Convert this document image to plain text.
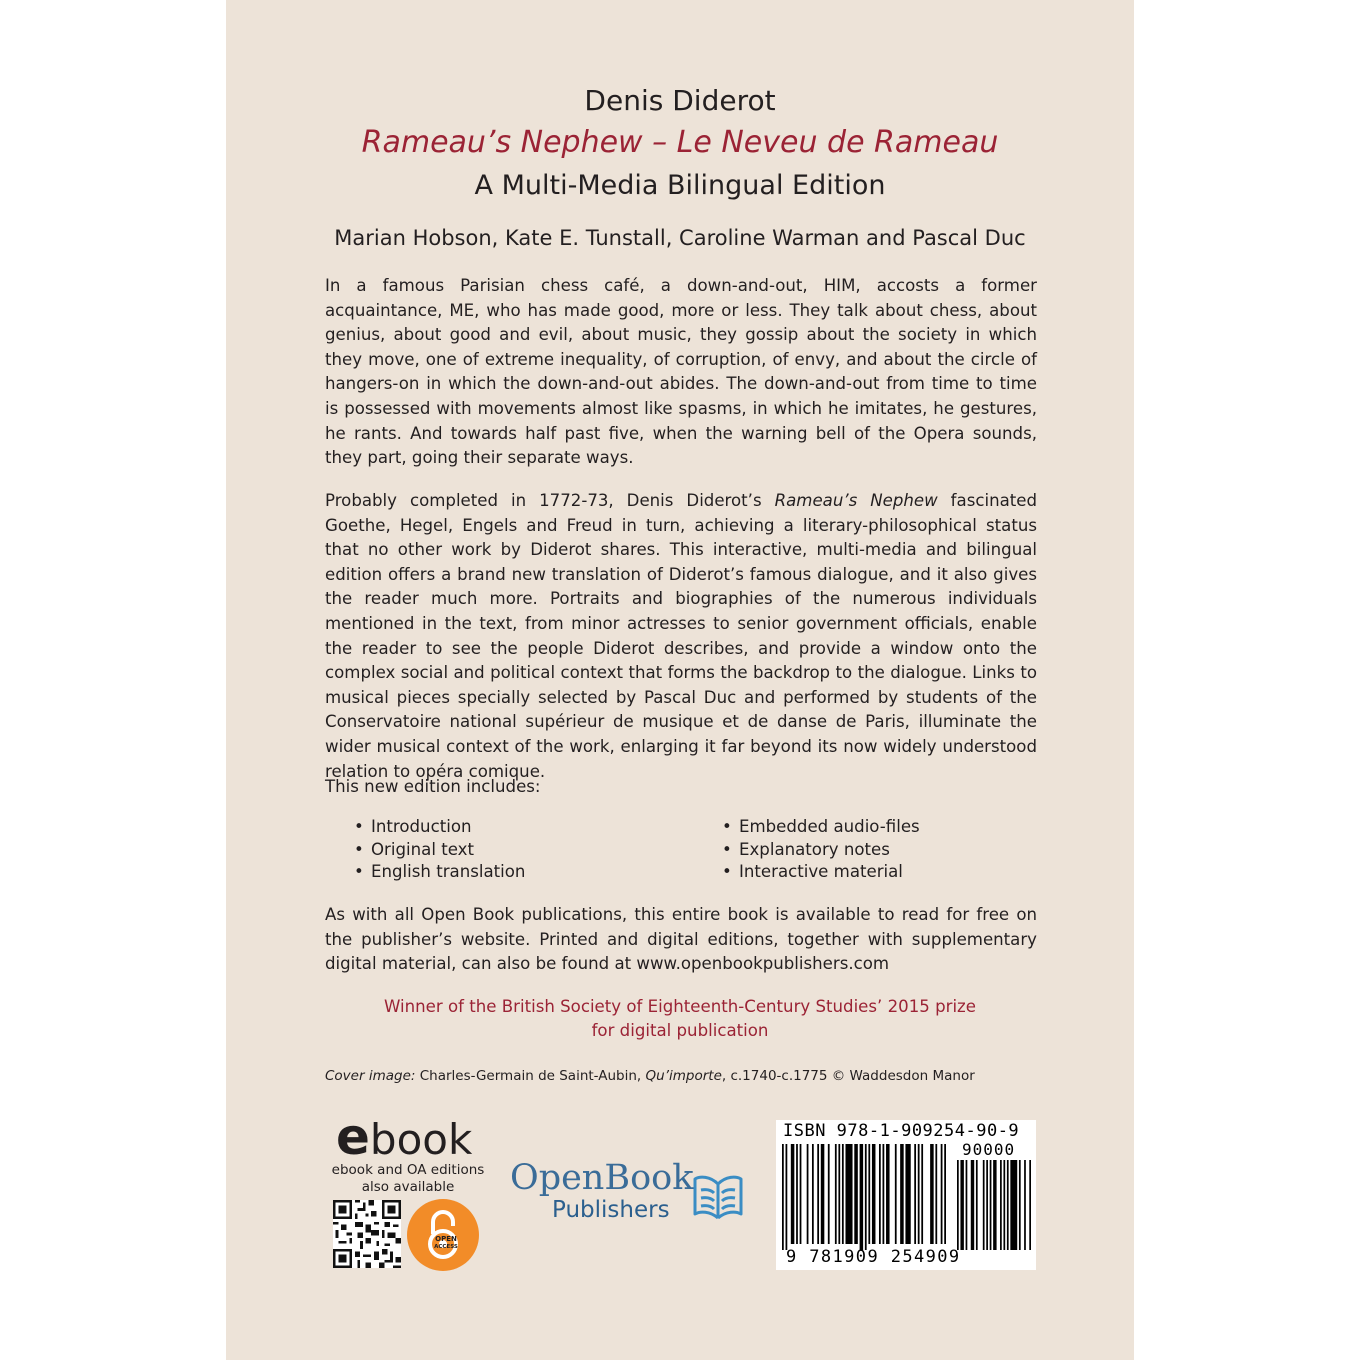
Denis Diderot
Rameau’s Nephew – Le Neveu de Rameau
A Multi-Media Bilingual Edition
Marian Hobson, Kate E. Tunstall, Caroline Warman and Pascal Duc
In a famous Parisian chess café, a down-and-out, HIM, accosts a former acquaintance, ME, who has made good, more or less. They talk about chess, about genius, about good and evil, about music, they gossip about the society in which they move, one of extreme inequality, of corruption, of envy, and about the circle of hangers-on in which the down-and-out abides. The down-and-out from time to time is possessed with movements almost like spasms, in which he imitates, he gestures, he rants. And towards half past five, when the warning bell of the Opera sounds, they part, going their separate ways.
Probably completed in 1772-73, Denis Diderot’s Rameau’s Nephew fascinated Goethe, Hegel, Engels and Freud in turn, achieving a literary-philosophical status that no other work by Diderot shares. This interactive, multi-media and bilingual edition offers a brand new translation of Diderot’s famous dialogue, and it also gives the reader much more. Portraits and biographies of the numerous individuals mentioned in the text, from minor actresses to senior government officials, enable the reader to see the people Diderot describes, and provide a window onto the complex social and political context that forms the backdrop to the dialogue. Links to musical pieces specially selected by Pascal Duc and performed by students of the Conservatoire national supérieur de musique et de danse de Paris, illuminate the wider musical context of the work, enlarging it far beyond its now widely understood relation to opéra comique.
This new edition includes:
• Introduction
• Original text
• English translation
• Embedded audio-files
• Explanatory notes
• Interactive material
As with all Open Book publications, this entire book is available to read for free on the publisher’s website. Printed and digital editions, together with supplementary digital material, can also be found at www.openbookpublishers.com
Winner of the British Society of Eighteenth-Century Studies’ 2015 prize
for digital publication
Cover image: Charles-Germain de Saint-Aubin, Qu’importe, c.1740-c.1775 © Waddesdon Manor
ebook
ebook and OA editions
also available
OPEN
ACCESS
OpenBook
Publishers
ISBN 978-1-909254-90-9
90000
9 781909 254909
